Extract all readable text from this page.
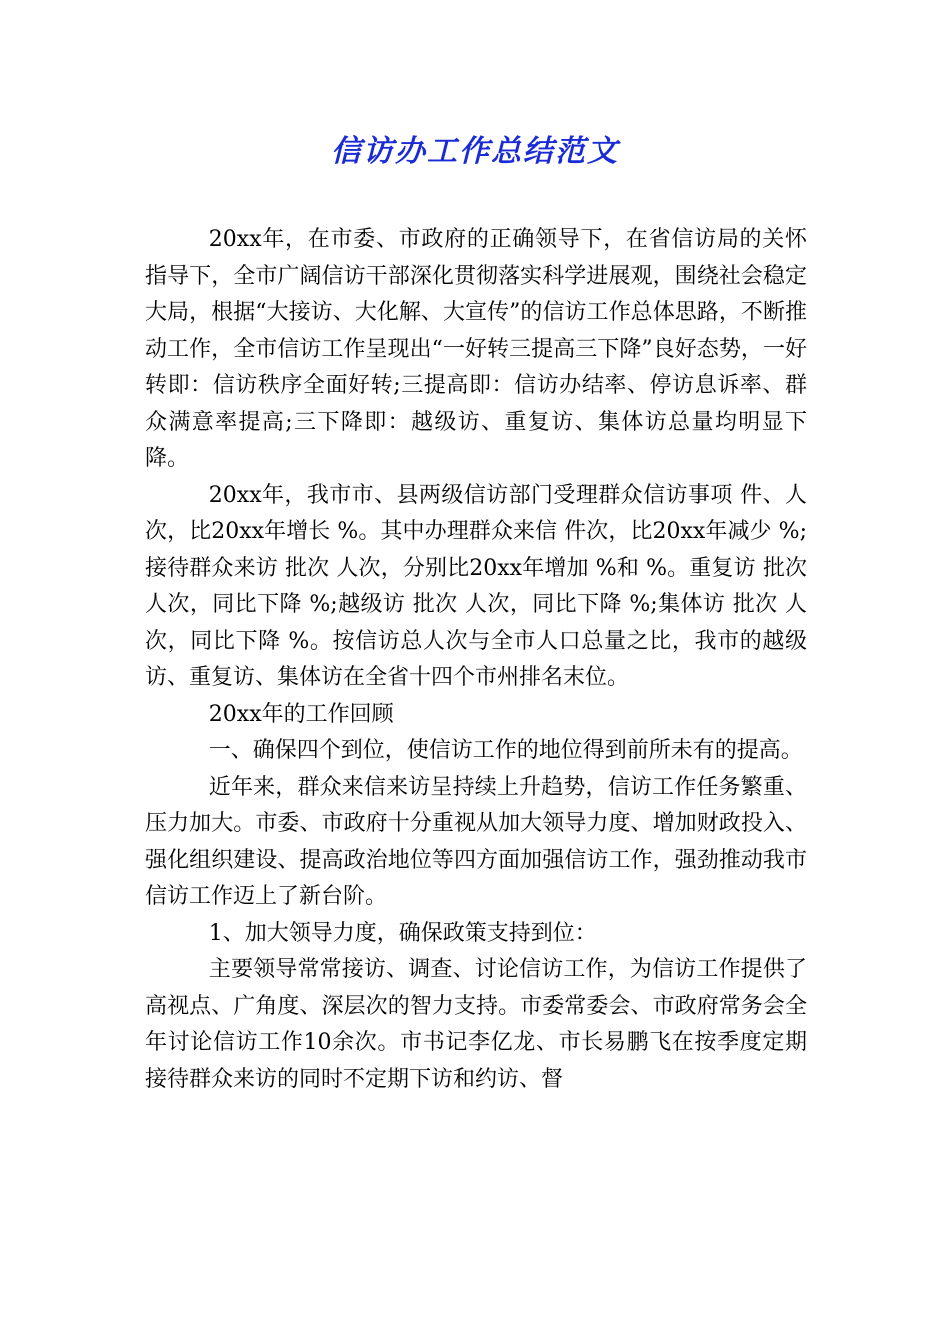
信访办工作总结范文

20xx年，在市委、市政府的正确领导下，在省信访局的关怀指导下，全市广阔信访干部深化贯彻落实科学进展观，围绕社会稳定大局，根据“大接访、大化解、大宣传”的信访工作总体思路，不断推动工作，全市信访工作呈现出“一好转三提高三下降”良好态势，一好转即：信访秩序全面好转;三提高即：信访办结率、停访息诉率、群众满意率提高;三下降即：越级访、重复访、集体访总量均明显下降。

20xx年，我市市、县两级信访部门受理群众信访事项 件、人次，比20xx年增长 %。其中办理群众来信 件次，比20xx年减少 %;接待群众来访 批次 人次，分别比20xx年增加 %和 %。重复访 批次 人次，同比下降 %;越级访 批次 人次，同比下降 %;集体访 批次 人次，同比下降 %。按信访总人次与全市人口总量之比，我市的越级访、重复访、集体访在全省十四个市州排名末位。

20xx年的工作回顾

一、确保四个到位，使信访工作的地位得到前所未有的提高。

近年来，群众来信来访呈持续上升趋势，信访工作任务繁重、压力加大。市委、市政府十分重视从加大领导力度、增加财政投入、强化组织建设、提高政治地位等四方面加强信访工作，强劲推动我市信访工作迈上了新台阶。

1、加大领导力度，确保政策支持到位：

主要领导常常接访、调查、讨论信访工作，为信访工作提供了高视点、广角度、深层次的智力支持。市委常委会、市政府常务会全年讨论信访工作10余次。市书记李亿龙、市长易鹏飞在按季度定期接待群众来访的同时不定期下访和约访、督
